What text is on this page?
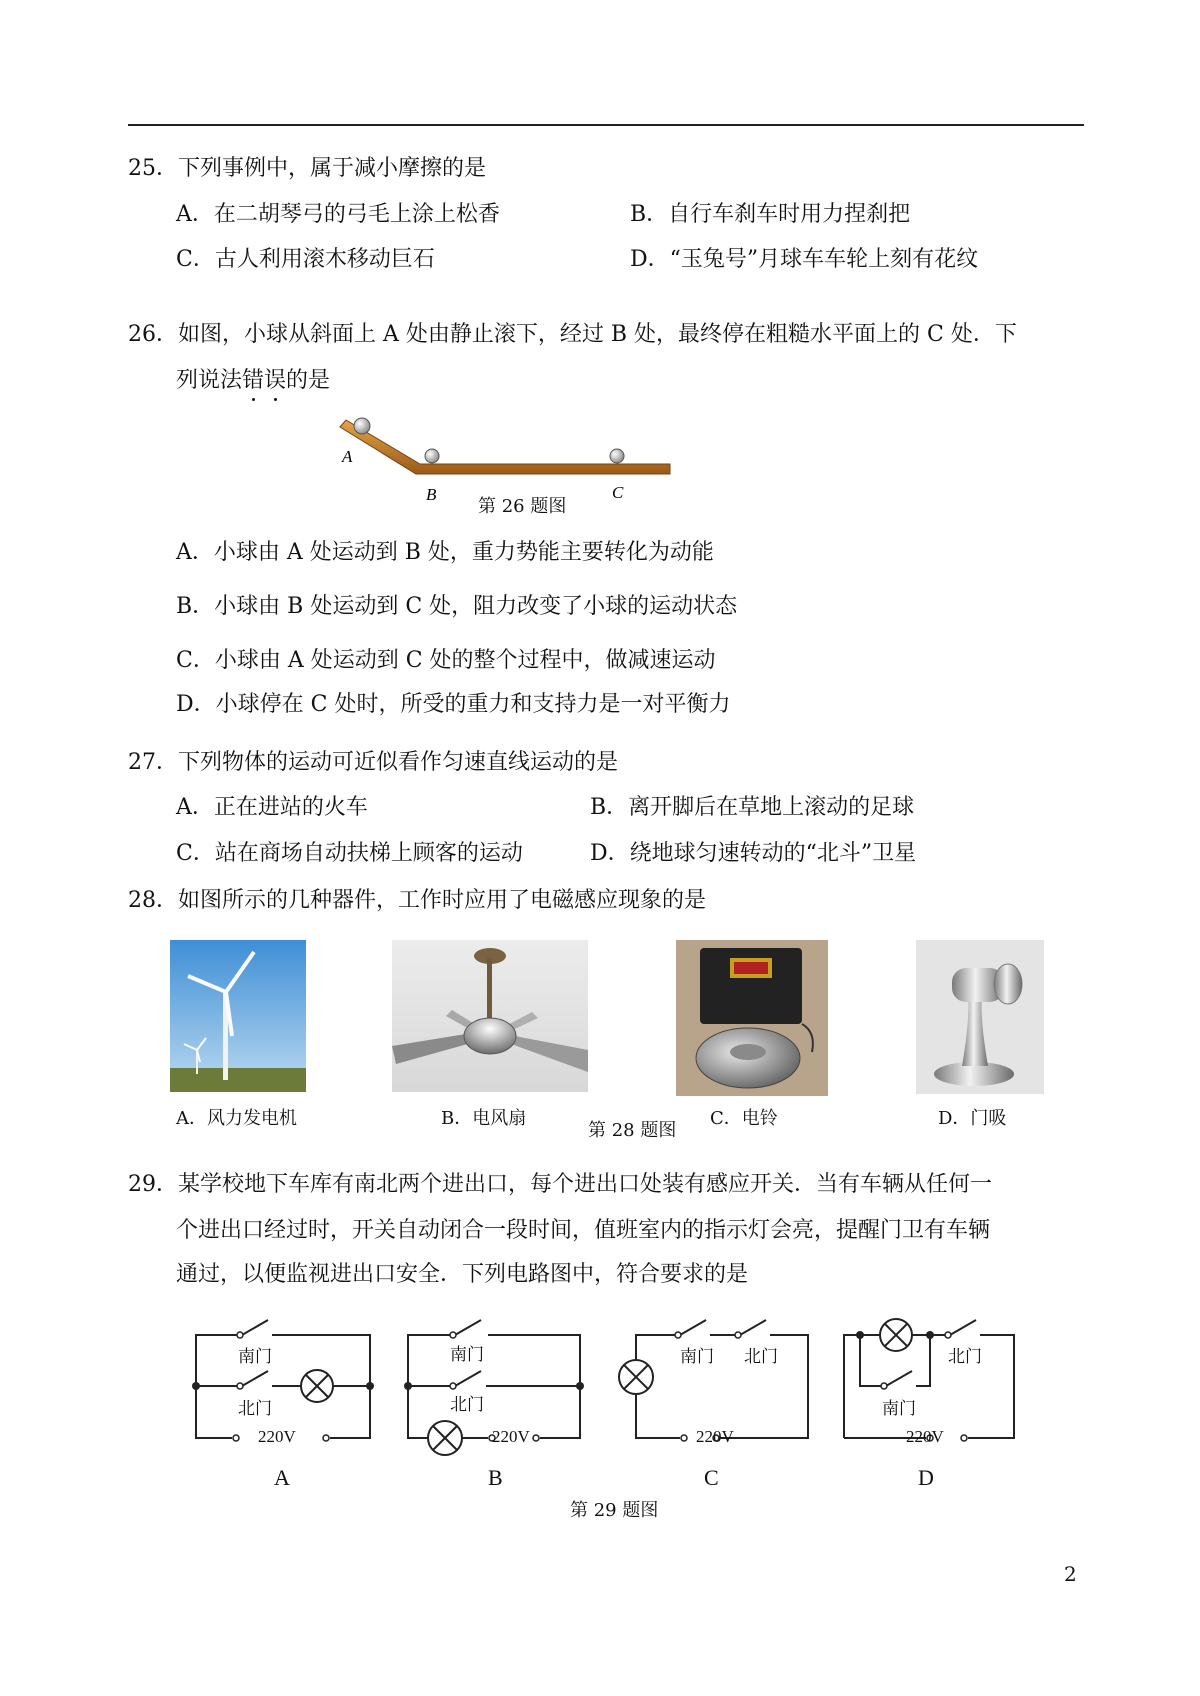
25．下列事例中，属于减小摩擦的是
A．在二胡琴弓的弓毛上涂上松香	B．自行车刹车时用力捏刹把
C．古人利用滚木移动巨石	D．“玉兔号”月球车车轮上刻有花纹
26．如图，小球从斜面上 A 处由静止滚下，经过 B 处，最终停在粗糙水平面上的 C 处．下
列说法错误的是
A
B	C
第 26 题图
A．小球由 A 处运动到 B 处，重力势能主要转化为动能
B．小球由 B 处运动到 C 处，阻力改变了小球的运动状态
C．小球由 A 处运动到 C 处的整个过程中，做减速运动
D．小球停在 C 处时，所受的重力和支持力是一对平衡力
27．下列物体的运动可近似看作匀速直线运动的是
A．正在进站的火车	B．离开脚后在草地上滚动的足球
C．站在商场自动扶梯上顾客的运动	D．绕地球匀速转动的“北斗”卫星
28．如图所示的几种器件，工作时应用了电磁感应现象的是
A．风力发电机	B．电风扇
第 28 题图
C．电铃	D．门吸
29．某学校地下车库有南北两个进出口，每个进出口处装有感应开关．当有车辆从任何一
个进出口经过时，开关自动闭合一段时间，值班室内的指示灯会亮，提醒门卫有车辆
通过，以便监视进出口安全．下列电路图中，符合要求的是
南门
北门
220V
南门
北门
220V
南门 北门
220V
北门
南门
220V
A	B	C	D
第 29 题图
2
